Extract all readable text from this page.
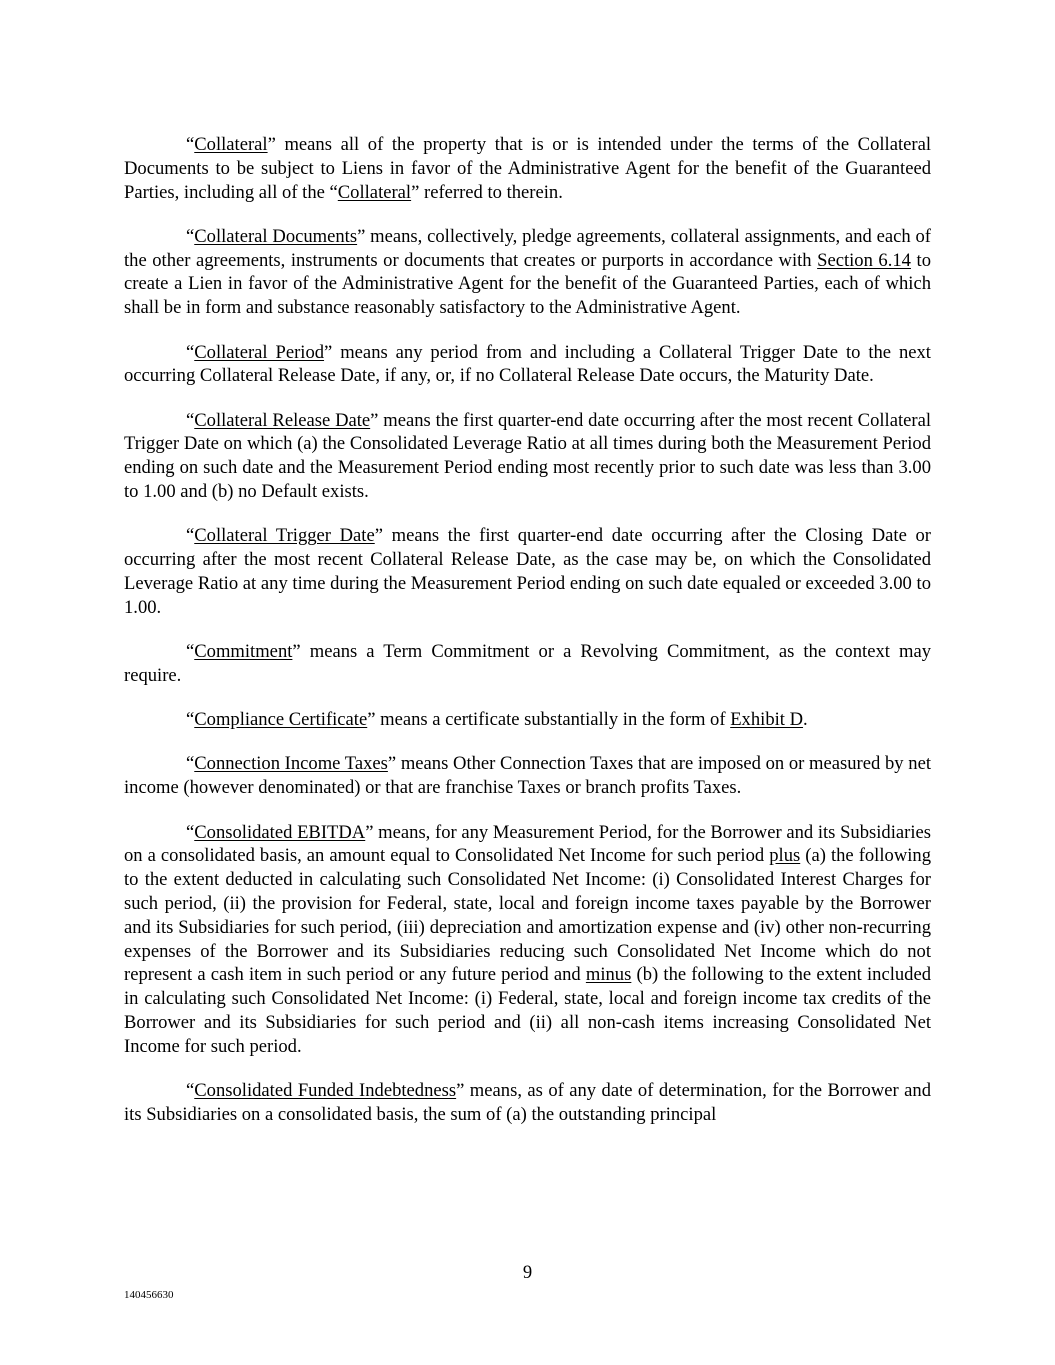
“Collateral” means all of the property that is or is intended under the terms of the Collateral Documents to be subject to Liens in favor of the Administrative Agent for the benefit of the Guaranteed Parties, including all of the “Collateral” referred to therein.

“Collateral Documents” means, collectively, pledge agreements, collateral assignments, and each of the other agreements, instruments or documents that creates or purports in accordance with Section 6.14 to create a Lien in favor of the Administrative Agent for the benefit of the Guaranteed Parties, each of which shall be in form and substance reasonably satisfactory to the Administrative Agent.

“Collateral Period” means any period from and including a Collateral Trigger Date to the next occurring Collateral Release Date, if any, or, if no Collateral Release Date occurs, the Maturity Date.

“Collateral Release Date” means the first quarter-end date occurring after the most recent Collateral Trigger Date on which (a) the Consolidated Leverage Ratio at all times during both the Measurement Period ending on such date and the Measurement Period ending most recently prior to such date was less than 3.00 to 1.00 and (b) no Default exists.

“Collateral Trigger Date” means the first quarter-end date occurring after the Closing Date or occurring after the most recent Collateral Release Date, as the case may be, on which the Consolidated Leverage Ratio at any time during the Measurement Period ending on such date equaled or exceeded 3.00 to 1.00.

“Commitment” means a Term Commitment or a Revolving Commitment, as the context may require.

“Compliance Certificate” means a certificate substantially in the form of Exhibit D.

“Connection Income Taxes” means Other Connection Taxes that are imposed on or measured by net income (however denominated) or that are franchise Taxes or branch profits Taxes.

“Consolidated EBITDA” means, for any Measurement Period, for the Borrower and its Subsidiaries on a consolidated basis, an amount equal to Consolidated Net Income for such period plus (a) the following to the extent deducted in calculating such Consolidated Net Income: (i) Consolidated Interest Charges for such period, (ii) the provision for Federal, state, local and foreign income taxes payable by the Borrower and its Subsidiaries for such period, (iii) depreciation and amortization expense and (iv) other non-recurring expenses of the Borrower and its Subsidiaries reducing such Consolidated Net Income which do not represent a cash item in such period or any future period and minus (b) the following to the extent included in calculating such Consolidated Net Income: (i) Federal, state, local and foreign income tax credits of the Borrower and its Subsidiaries for such period and (ii) all non-cash items increasing Consolidated Net Income for such period.

“Consolidated Funded Indebtedness” means, as of any date of determination, for the Borrower and its Subsidiaries on a consolidated basis, the sum of (a) the outstanding principal

9
140456630
